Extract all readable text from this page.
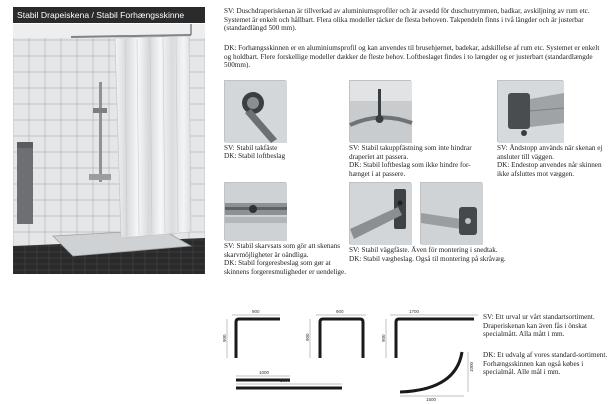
Stabil Drapeiskena / Stabil Forhængsskinne	SV: Duschdraperiskenan är tillverkad av aluminiumsprofiler och är avsedd för duschutrymmen, badkar, avskiljning av rum etc. Systemet är enkelt och hållbart. Flera olika modeller täcker de flesta behoven. Takpendeln finns i två längder och är justerbar (standardlängd 500 mm).
DK: Forhængsskinnen er en aluminiumsprofil og kan anvendes til brusehjørnet, badekar, adskillelse af rum etc. Systemet er enkelt og holdbart. Flere forskellige modeller dækker de fleste behov. Loftbeslaget findes i to længder og er justerbart (standardlængde 500mm).
SV: Stabil takfäste
DK: Stabil loftbeslag
SV: Stabil takuppfästning som inte hindrar draperiet att passera.
DK: Stabil loftbeslag som ikke hindre for-hænget i at passere.
SV: Ändstopp används när skenan ej ansluter till väggen.
DK: Endestop anvendes når skinnen ikke afsluttes mot væggen.
SV: Stabil skarvsats som gör att skenans skarvmöjligheter är oändliga.
DK: Stabil forgeresbeslag som gør at skinnens forgeresmuligheder er uendelige.
SV: Stabil väggfäste. Även för montering i snedtak.
DK: Stabil vægbeslag. Også til montering på skråvæg.
900
900
900
900
1700
900
1000
1800
1000
1500
SV: Ett urval ur vårt standartsortiment. Draperiskenan kan även fås i önskat specialmått. Alla mått i mm.
DK: Et udvalg af vores standard-sortiment. Forhængsskinnen kan også købes i specialmål. Alle mål i mm.
